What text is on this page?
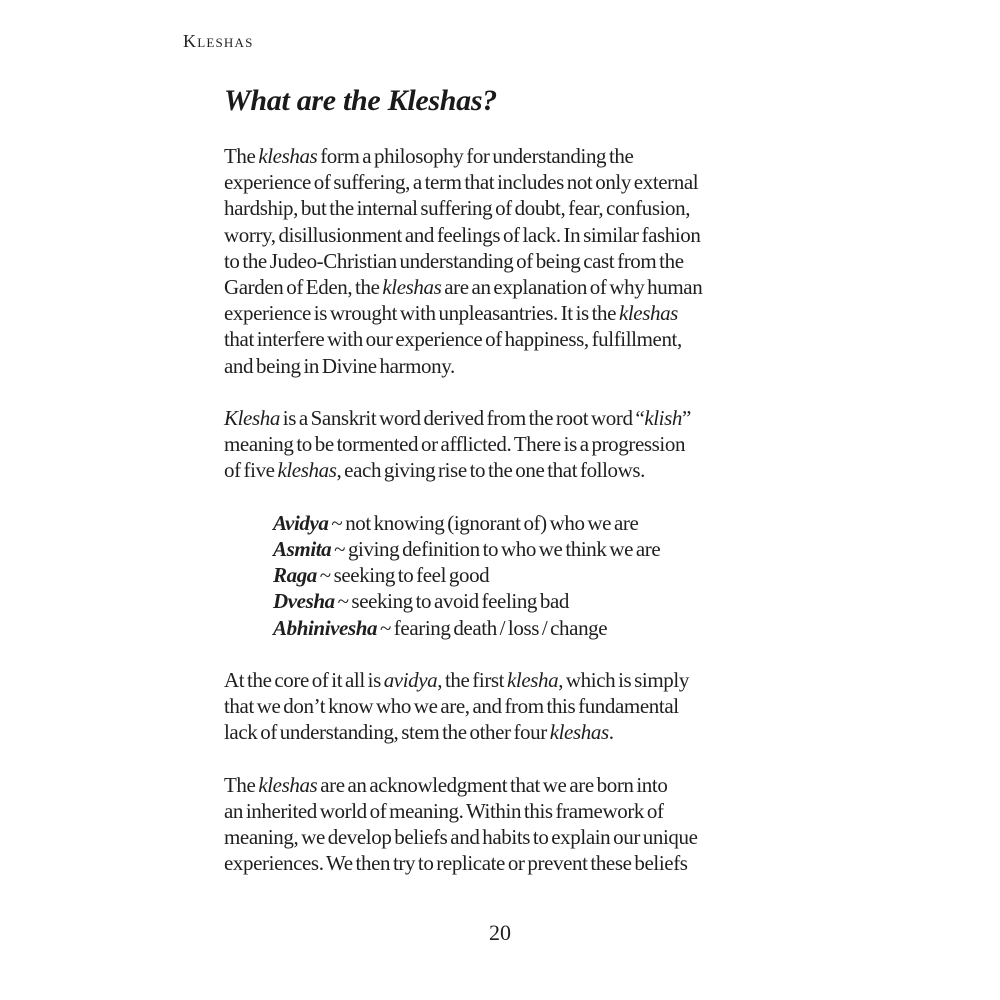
Kleshas
What are the Kleshas?
The kleshas form a philosophy for understanding the
experience of suffering, a term that includes not only external
hardship, but the internal suffering of doubt, fear, confusion,
worry, disillusionment and feelings of lack. In similar fashion
to the Judeo-Christian understanding of being cast from the
Garden of Eden, the kleshas are an explanation of why human
experience is wrought with unpleasantries. It is the kleshas
that interfere with our experience of happiness, fulfillment,
and being in Divine harmony.
Klesha is a Sanskrit word derived from the root word “klish”
meaning to be tormented or afflicted. There is a progression
of five kleshas, each giving rise to the one that follows.
Avidya ~ not knowing (ignorant of) who we are
Asmita ~ giving definition to who we think we are
Raga ~ seeking to feel good
Dvesha ~ seeking to avoid feeling bad
Abhinivesha ~ fearing death / loss / change
At the core of it all is avidya, the first klesha, which is simply
that we don’t know who we are, and from this fundamental
lack of understanding, stem the other four kleshas.
The kleshas are an acknowledgment that we are born into
an inherited world of meaning. Within this framework of
meaning, we develop beliefs and habits to explain our unique
experiences. We then try to replicate or prevent these beliefs
20
